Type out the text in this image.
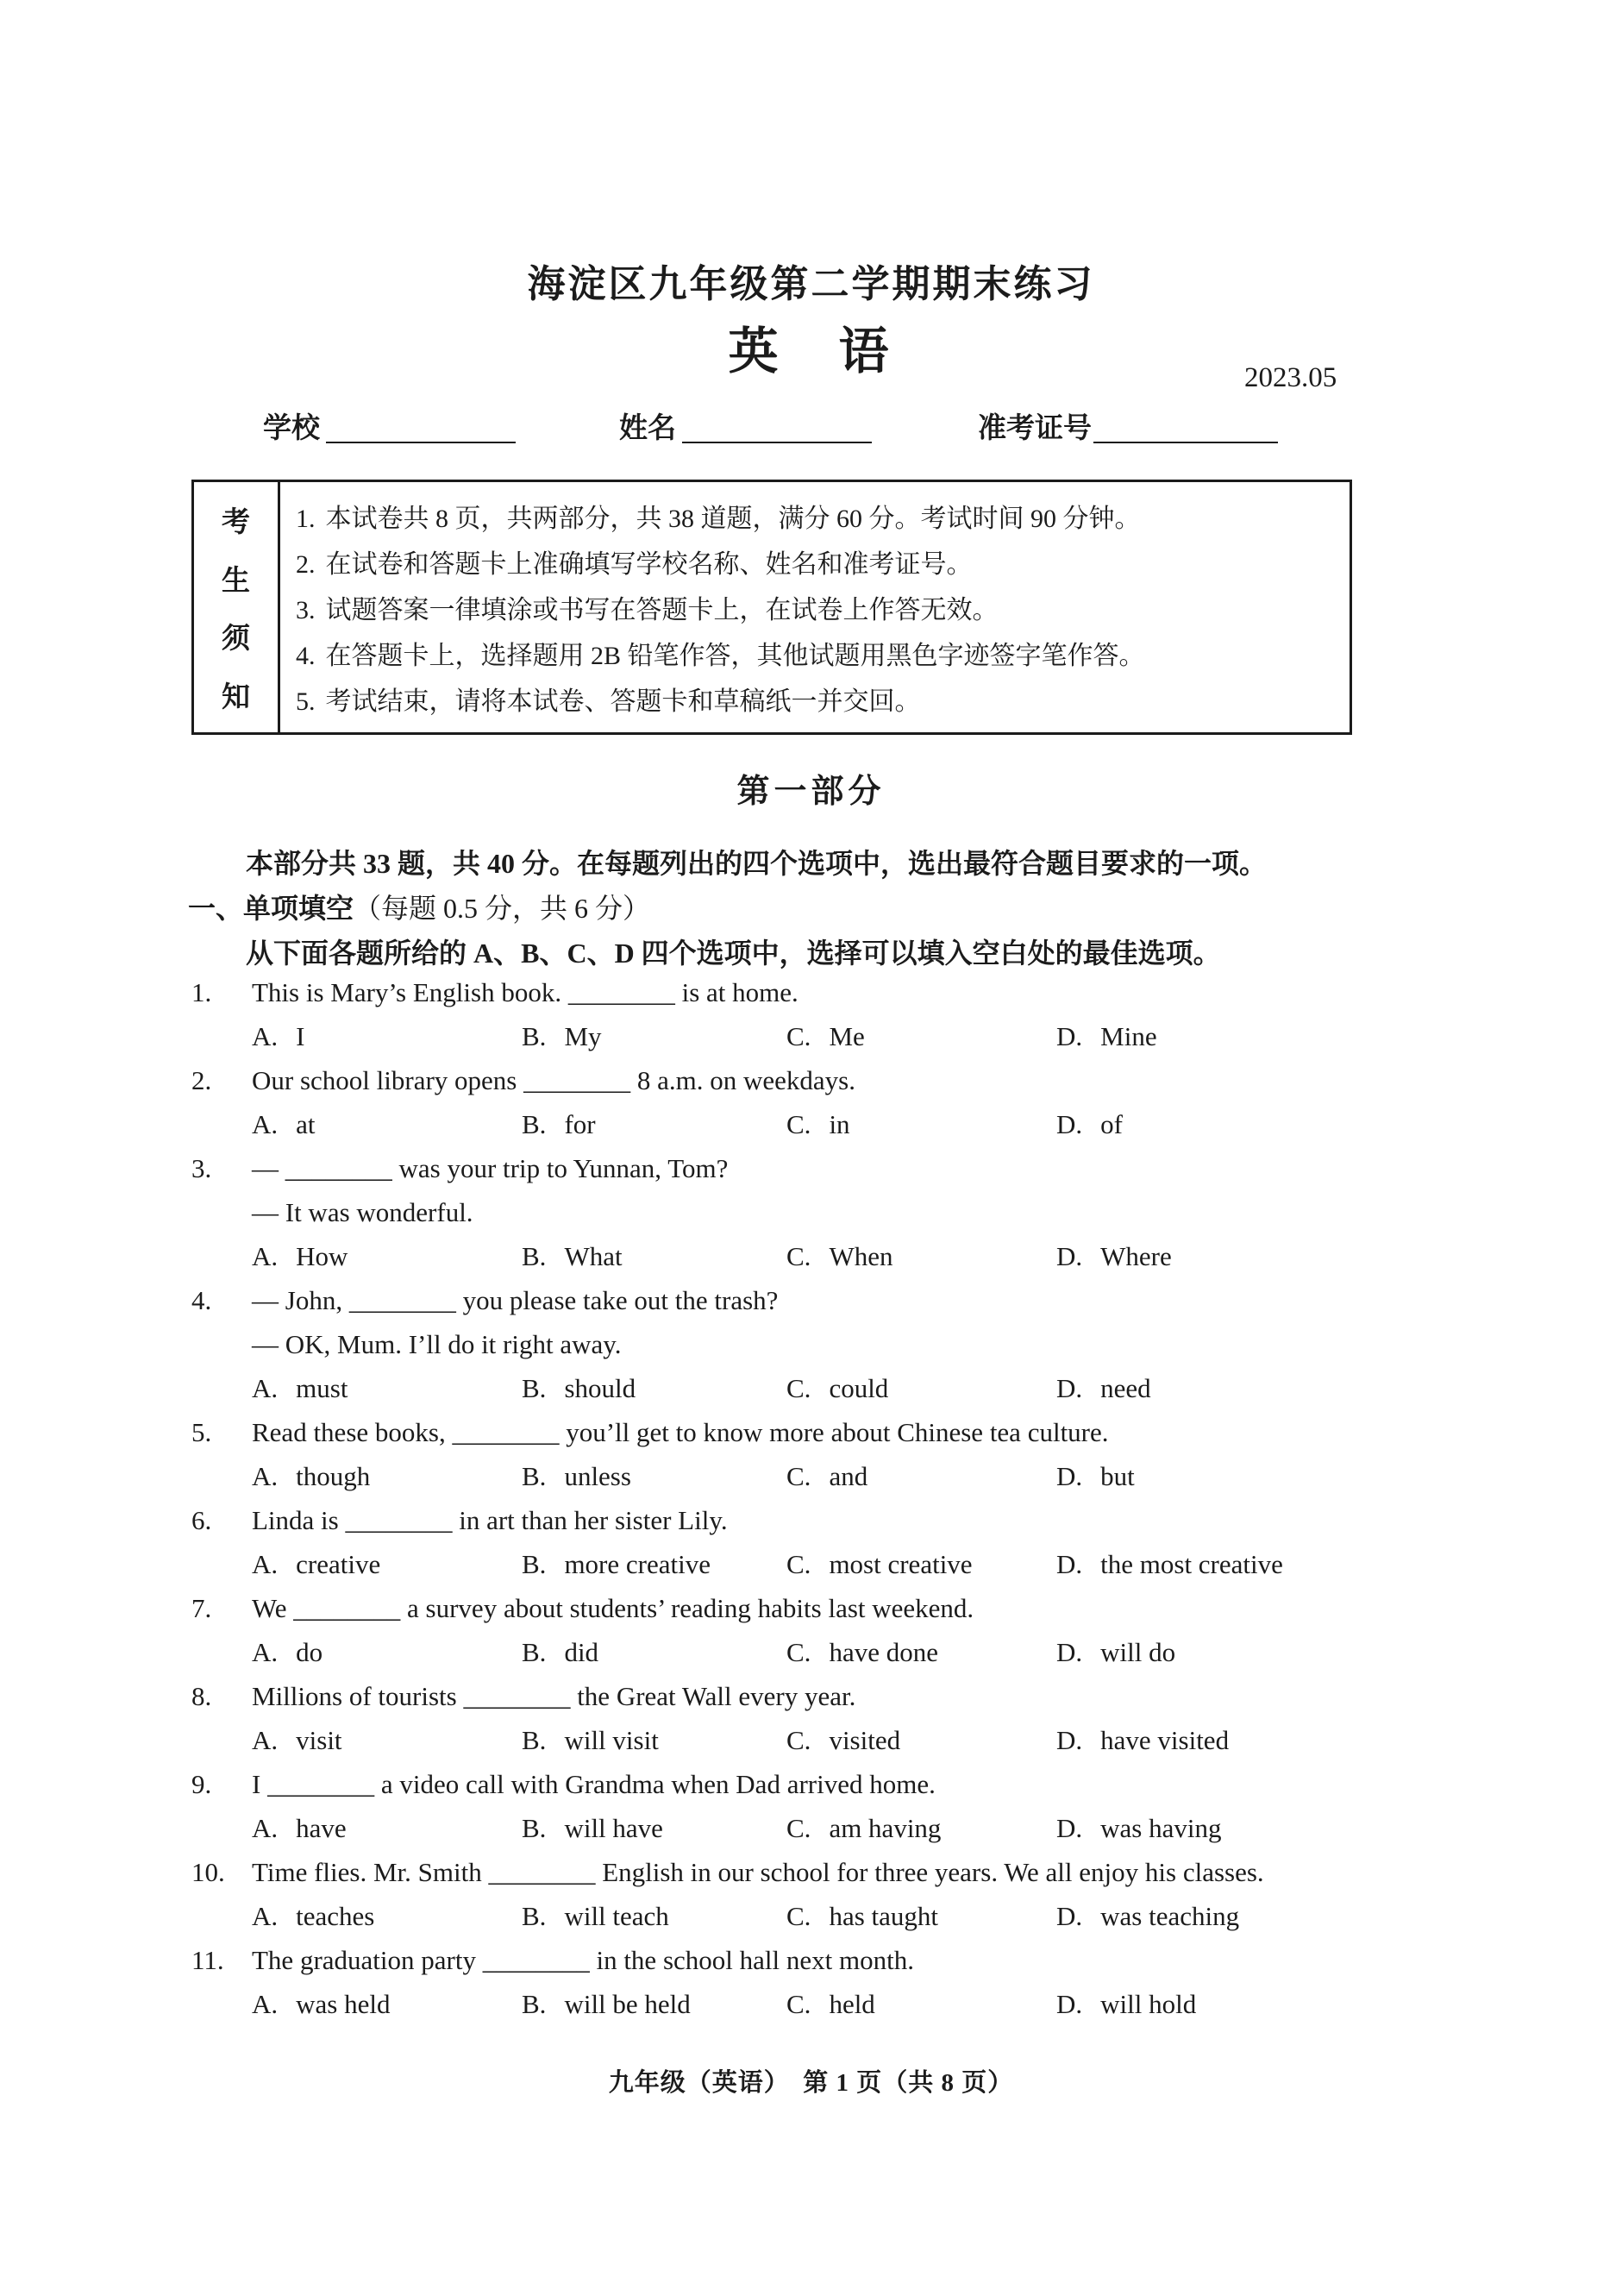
海淀区九年级第二学期期末练习
英　语	2023.05
学校	姓名	准考证号
考
生
须
知
1. 本试卷共 8 页，共两部分，共 38 道题，满分 60 分。考试时间 90 分钟。
2. 在试卷和答题卡上准确填写学校名称、姓名和准考证号。
3. 试题答案一律填涂或书写在答题卡上，在试卷上作答无效。
4. 在答题卡上，选择题用 2B 铅笔作答，其他试题用黑色字迹签字笔作答。
5. 考试结束，请将本试卷、答题卡和草稿纸一并交回。
第一部分
本部分共 33 题，共 40 分。在每题列出的四个选项中，选出最符合题目要求的一项。
一、单项填空（每题 0.5 分，共 6 分）
从下面各题所给的 A、B、C、D 四个选项中，选择可以填入空白处的最佳选项。
1. This is Mary’s English book. ________ is at home.
A. I	B. My	C. Me	D. Mine
2. Our school library opens ________ 8 a.m. on weekdays.
A. at	B. for	C. in	D. of
3. — ________ was your trip to Yunnan, Tom?
— It was wonderful.
A. How	B. What	C. When	D. Where
4. — John, ________ you please take out the trash?
— OK, Mum. I’ll do it right away.
A. must	B. should	C. could	D. need
5. Read these books, ________ you’ll get to know more about Chinese tea culture.
A. though	B. unless	C. and	D. but
6. Linda is ________ in art than her sister Lily.
A. creative	B. more creative	C. most creative	D. the most creative
7. We ________ a survey about students’ reading habits last weekend.
A. do	B. did	C. have done	D. will do
8. Millions of tourists ________ the Great Wall every year.
A. visit	B. will visit	C. visited	D. have visited
9. I ________ a video call with Grandma when Dad arrived home.
A. have	B. will have	C. am having	D. was having
10. Time flies. Mr. Smith ________ English in our school for three years. We all enjoy his classes.
A. teaches	B. will teach	C. has taught	D. was teaching
11. The graduation party ________ in the school hall next month.
A. was held	B. will be held	C. held	D. will hold
九年级（英语）　第 1 页（共 8 页）
